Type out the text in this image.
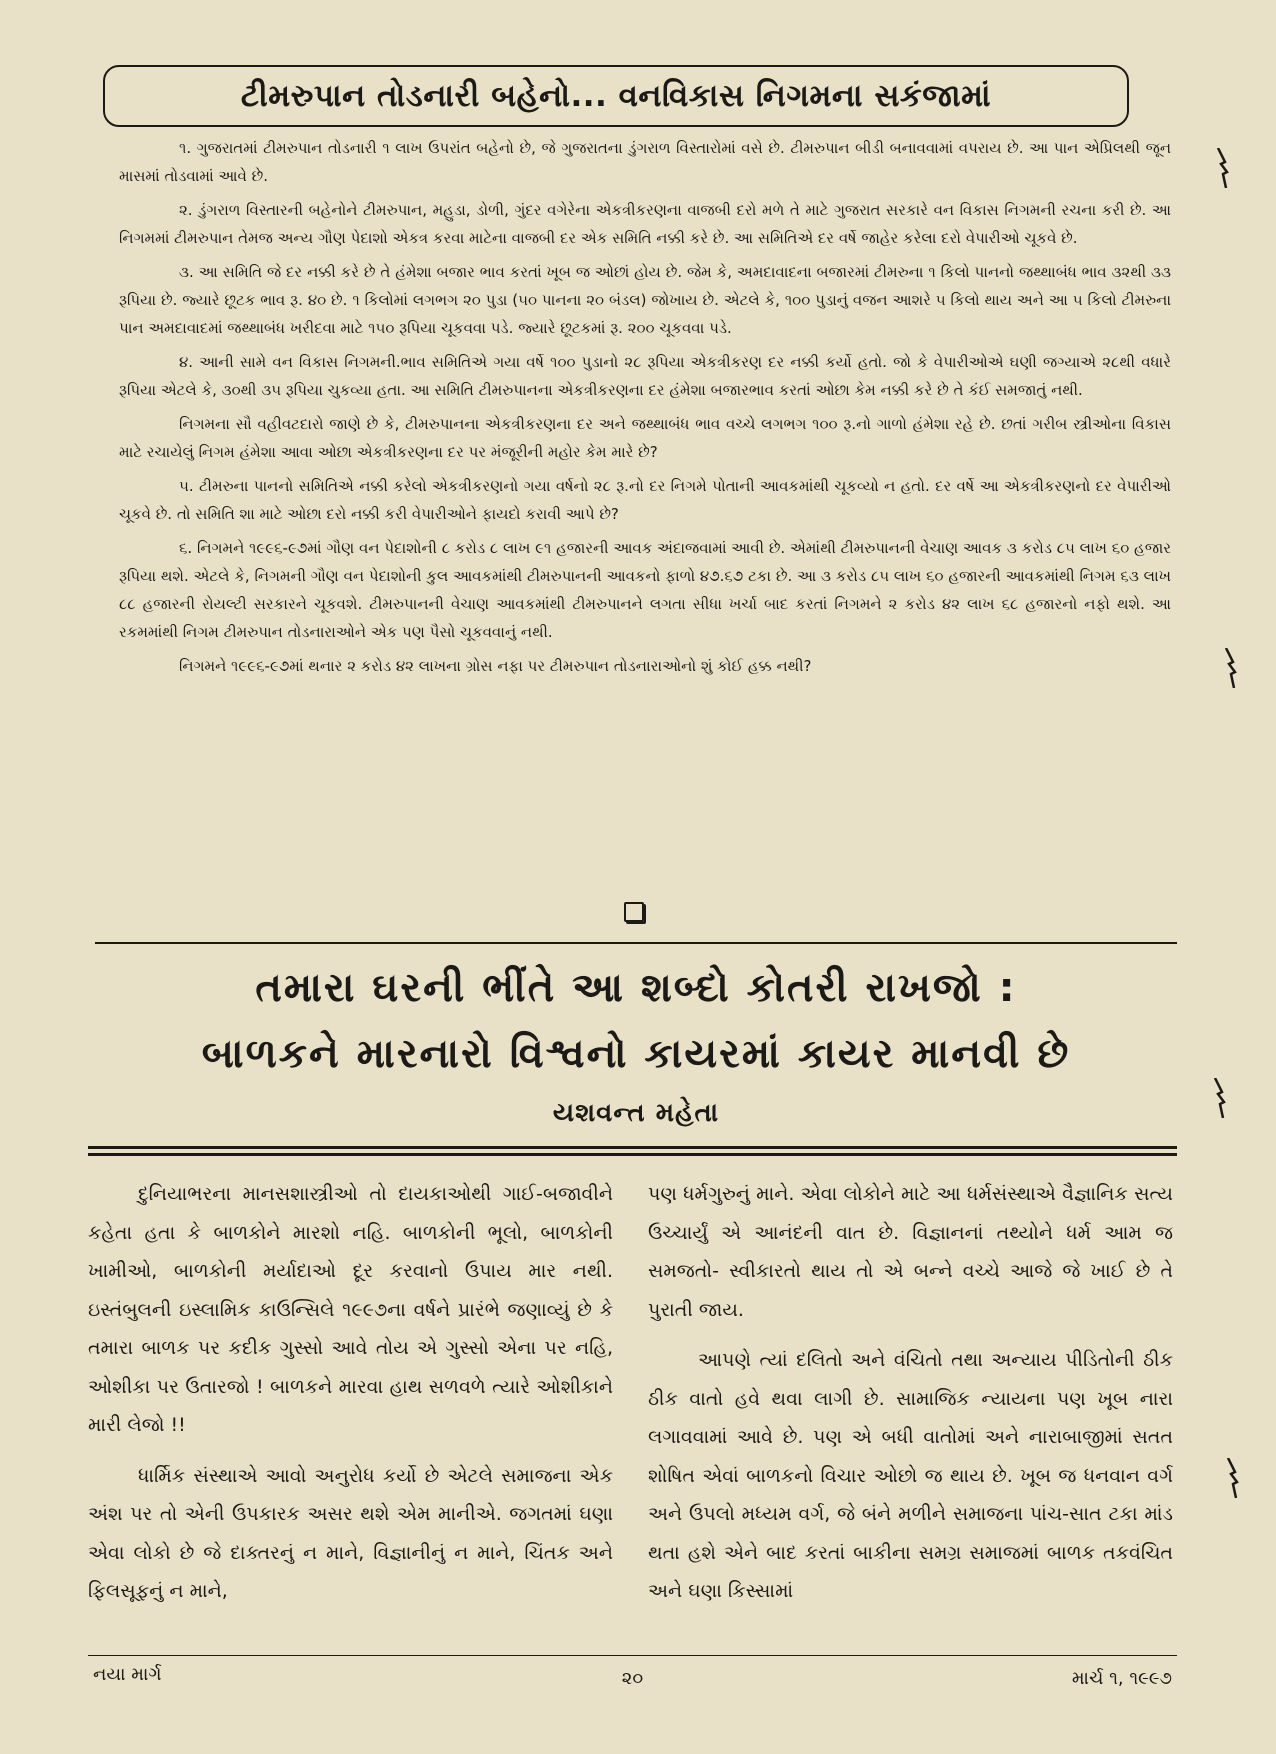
ટીમરુપાન તોડનારી બહેનો... વનવિકાસ નિગમના સકંજામાં

૧. ગુજરાતમાં ટીમરુપાન તોડનારી ૧ લાખ ઉપરાંત બહેનો છે, જે ગુજરાતના ડુંગરાળ વિસ્તારોમાં વસે છે. ટીમરુપાન બીડી બનાવવામાં વપરાય છે. આ પાન એપ્રિલથી જૂન માસમાં તોડવામાં આવે છે.

૨. ડુંગરાળ વિસ્તારની બહેનોને ટીમરુપાન, મહુડા, ડોળી, ગુંદર વગેરેના એકત્રીકરણના વાજબી દરો મળે તે માટે ગુજરાત સરકારે વન વિકાસ નિગમની રચના કરી છે. આ નિગમમાં ટીમરુપાન તેમજ અન્ય ગૌણ પેદાશો એકત્ર કરવા માટેના વાજબી દર એક સમિતિ નક્કી કરે છે. આ સમિતિએ દર વર્ષે જાહેર કરેલા દરો વેપારીઓ ચૂકવે છે.

૩. આ સમિતિ જે દર નક્કી કરે છે તે હંમેશા બજાર ભાવ કરતાં ખૂબ જ ઓછાં હોય છે. જેમ કે, અમદાવાદના બજારમાં ટીમરુના ૧ કિલો પાનનો જથ્થાબંધ ભાવ ૩૨થી ૩૩ રૂપિયા છે. જ્યારે છૂટક ભાવ રૂ. ૪૦ છે. ૧ કિલોમાં લગભગ ૨૦ પુડા (૫૦ પાનના ૨૦ બંડલ) જોખાય છે. એટલે કે, ૧૦૦ પુડાનું વજન આશરે ૫ કિલો થાય અને આ ૫ કિલો ટીમરુના પાન અમદાવાદમાં જથ્થાબંધ ખરીદવા માટે ૧૫૦ રૂપિયા ચૂકવવા પડે. જ્યારે છૂટકમાં રૂ. ૨૦૦ ચૂકવવા પડે.

૪. આની સામે વન વિકાસ નિગમની.ભાવ સમિતિએ ગયા વર્ષે ૧૦૦ પુડાનો ૨૮ રૂપિયા એકત્રીકરણ દર નક્કી કર્યો હતો. જો કે વેપારીઓએ ઘણી જગ્યાએ ૨૮થી વધારે રૂપિયા એટલે કે, ૩૦થી ૩૫ રૂપિયા ચુકવ્યા હતા. આ સમિતિ ટીમરુપાનના એકત્રીકરણના દર હંમેશા બજારભાવ કરતાં ઓછા કેમ નક્કી કરે છે તે કંઈ સમજાતું નથી.

નિગમના સૌ વહીવટદારો જાણે છે કે, ટીમરુપાનના એકત્રીકરણના દર અને જથ્થાબંધ ભાવ વચ્ચે લગભગ ૧૦૦ રૂ.નો ગાળો હંમેશા રહે છે. છતાં ગરીબ સ્ત્રીઓના વિકાસ માટે રચાયેલું નિગમ હંમેશા આવા ઓછા એકત્રીકરણના દર પર મંજૂરીની મહોર કેમ મારે છે?

૫. ટીમરુના પાનનો સમિતિએ નક્કી કરેલો એકત્રીકરણનો ગયા વર્ષનો ૨૮ રૂ.નો દર નિગમે પોતાની આવકમાંથી ચૂકવ્યો ન હતો. દર વર્ષે આ એકત્રીકરણનો દર વેપારીઓ ચૂકવે છે. તો સમિતિ શા માટે ઓછા દરો નક્કી કરી વેપારીઓને ફાયદો કરાવી આપે છે?

૬. નિગમને ૧૯૯૬-૯૭માં ગૌણ વન પેદાશોની ૮ કરોડ ૮ લાખ ૯૧ હજારની આવક અંદાજવામાં આવી છે. એમાંથી ટીમરુપાનની વેચાણ આવક ૩ કરોડ ૮૫ લાખ ૬૦ હજાર રૂપિયા થશે. એટલે કે, નિગમની ગૌણ વન પેદાશોની કુલ આવકમાંથી ટીમરુપાનની આવકનો ફાળો ૪૭.૬૭ ટકા છે. આ ૩ કરોડ ૮૫ લાખ ૬૦ હજારની આવકમાંથી નિગમ ૬૩ લાખ ૮૮ હજારની રોયલ્ટી સરકારને ચૂકવશે. ટીમરુપાનની વેચાણ આવકમાંથી ટીમરુપાનને લગતા સીધા ખર્ચા બાદ કરતાં નિગમને ૨ કરોડ ૪૨ લાખ ૬૮ હજારનો નફો થશે. આ રકમમાંથી નિગમ ટીમરુપાન તોડનારાઓને એક પણ પૈસો ચૂકવવાનું નથી.

નિગમને ૧૯૯૬-૯૭માં થનાર ૨ કરોડ ૪૨ લાખના ગ્રોસ નફા પર ટીમરુપાન તોડનારાઓનો શું કોઈ હક્ક નથી?

તમારા ઘરની ભીંતે આ શબ્દો કોતરી રાખજો :
બાળકને મારનારો વિશ્વનો કાયરમાં કાયર માનવી છે
યશવન્ત મહેતા

દુનિયાભરના માનસશાસ્ત્રીઓ તો દાયકાઓથી ગાઈ-બજાવીને કહેતા હતા કે બાળકોને મારશો નહિ. બાળકોની ભૂલો, બાળકોની ખામીઓ, બાળકોની મર્યાદાઓ દૂર કરવાનો ઉપાય માર નથી. ઇસ્તંબુલની ઇસ્લામિક કાઉન્સિલે ૧૯૯૭ના વર્ષને પ્રારંભે જણાવ્યું છે કે તમારા બાળક પર કદીક ગુસ્સો આવે તોય એ ગુસ્સો એના પર નહિ, ઓશીકા પર ઉતારજો ! બાળકને મારવા હાથ સળવળે ત્યારે ઓશીકાને મારી લેજો !!

ધાર્મિક સંસ્થાએ આવો અનુરોધ કર્યો છે એટલે સમાજના એક અંશ પર તો એની ઉપકારક અસર થશે એમ માનીએ. જગતમાં ઘણા એવા લોકો છે જે દાક્તરનું ન માને, વિજ્ઞાનીનું ન માને, ચિંતક અને ફિલસૂફનું ન માને,

પણ ધર્મગુરુનું માને. એવા લોકોને માટે આ ધર્મસંસ્થાએ વૈજ્ઞાનિક સત્ય ઉચ્ચાર્યું એ આનંદની વાત છે. વિજ્ઞાનનાં તથ્યોને ધર્મ આમ જ સમજતો- સ્વીકારતો થાય તો એ બન્ને વચ્ચે આજે જે ખાઈ છે તે પુરાતી જાય.

આપણે ત્યાં દલિતો અને વંચિતો તથા અન્યાય પીડિતોની ઠીક ઠીક વાતો હવે થવા લાગી છે. સામાજિક ન્યાયના પણ ખૂબ નારા લગાવવામાં આવે છે. પણ એ બધી વાતોમાં અને નારાબાજીમાં સતત શોષિત એવાં બાળકનો વિચાર ઓછો જ થાય છે. ખૂબ જ ધનવાન વર્ગ અને ઉપલો મધ્યમ વર્ગ, જે બંને મળીને સમાજના પાંચ-સાત ટકા માંડ થતા હશે એને બાદ કરતાં બાકીના સમગ્ર સમાજમાં બાળક તકવંચિત અને ઘણા કિસ્સામાં

નયા માર્ગ	૨૦	માર્ચ ૧, ૧૯૯૭
